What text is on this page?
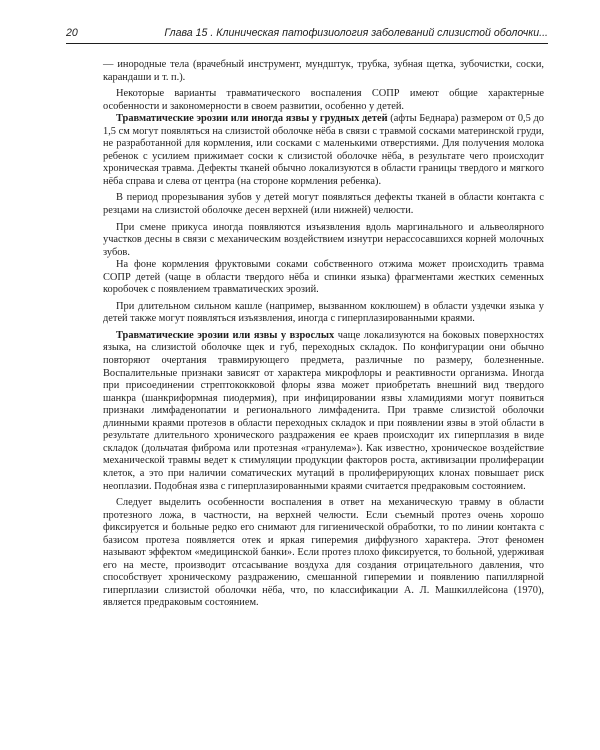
20	Глава 15 . Клиническая патофизиология заболеваний слизистой оболочки...

— инородные тела (врачебный инструмент, мундштук, трубка, зубная щетка, зубочистки, соски, карандаши и т. п.).

Некоторые варианты травматического воспаления СОПР имеют общие характерные особенности и закономерности в своем развитии, особенно у детей.

Травматические эрозии или иногда язвы у грудных детей (афты Беднара) размером от 0,5 до 1,5 см могут появляться на слизистой оболочке нёба в связи с травмой сосками материнской груди, не разработанной для кормления, или сосками с маленькими отверстиями. Для получения молока ребенок с усилием прижимает соски к слизистой оболочке нёба, в результате чего происходит хроническая травма. Дефекты тканей обычно локализуются в области границы твердого и мягкого нёба справа и слева от центра (на стороне кормления ребенка).

В период прорезывания зубов у детей могут появляться дефекты тканей в области контакта с резцами на слизистой оболочке десен верхней (или нижней) челюсти.

При смене прикуса иногда появляются изъязвления вдоль маргинального и альвеолярного участков десны в связи с механическим воздействием изнутри нерассосавшихся корней молочных зубов.

На фоне кормления фруктовыми соками собственного отжима может происходить травма СОПР детей (чаще в области твердого нёба и спинки языка) фрагментами жестких семенных коробочек с появлением травматических эрозий.

При длительном сильном кашле (например, вызванном коклюшем) в области уздечки языка у детей также могут появляться изъязвления, иногда с гиперплазированными краями.

Травматические эрозии или язвы у взрослых чаще локализуются на боковых поверхностях языка, на слизистой оболочке щек и губ, переходных складок. По конфигурации они обычно повторяют очертания травмирующего предмета, различные по размеру, болезненные. Воспалительные признаки зависят от характера микрофлоры и реактивности организма. Иногда при присоединении стрептококковой флоры язва может приобретать внешний вид твердого шанкра (шанкриформная пиодермия), при инфицировании язвы хламидиями могут появиться признаки лимфаденопатии и регионального лимфаденита. При травме слизистой оболочки длинными краями протезов в области переходных складок и при появлении язвы в этой области в результате длительного хронического раздражения ее краев происходит их гиперплазия в виде складок (дольчатая фиброма или протезная «гранулема»). Как известно, хроническое воздействие механической травмы ведет к стимуляции продукции факторов роста, активизации пролиферации клеток, а это при наличии соматических мутаций в пролиферирующих клонах повышает риск неоплазии. Подобная язва с гиперплазированными краями считается предраковым состоянием.

Следует выделить особенности воспаления в ответ на механическую травму в области протезного ложа, в частности, на верхней челюсти. Если съемный протез очень хорошо фиксируется и больные редко его снимают для гигиенической обработки, то по линии контакта с базисом протеза появляется отек и яркая гиперемия диффузного характера. Этот феномен называют эффектом «медицинской банки». Если протез плохо фиксируется, то больной, удерживая его на месте, производит отсасывание воздуха для создания отрицательного давления, что способствует хроническому раздражению, смешанной гиперемии и появлению папиллярной гиперплазии слизистой оболочки нёба, что, по классификации А. Л. Машкиллейсона (1970), является предраковым состоянием.
